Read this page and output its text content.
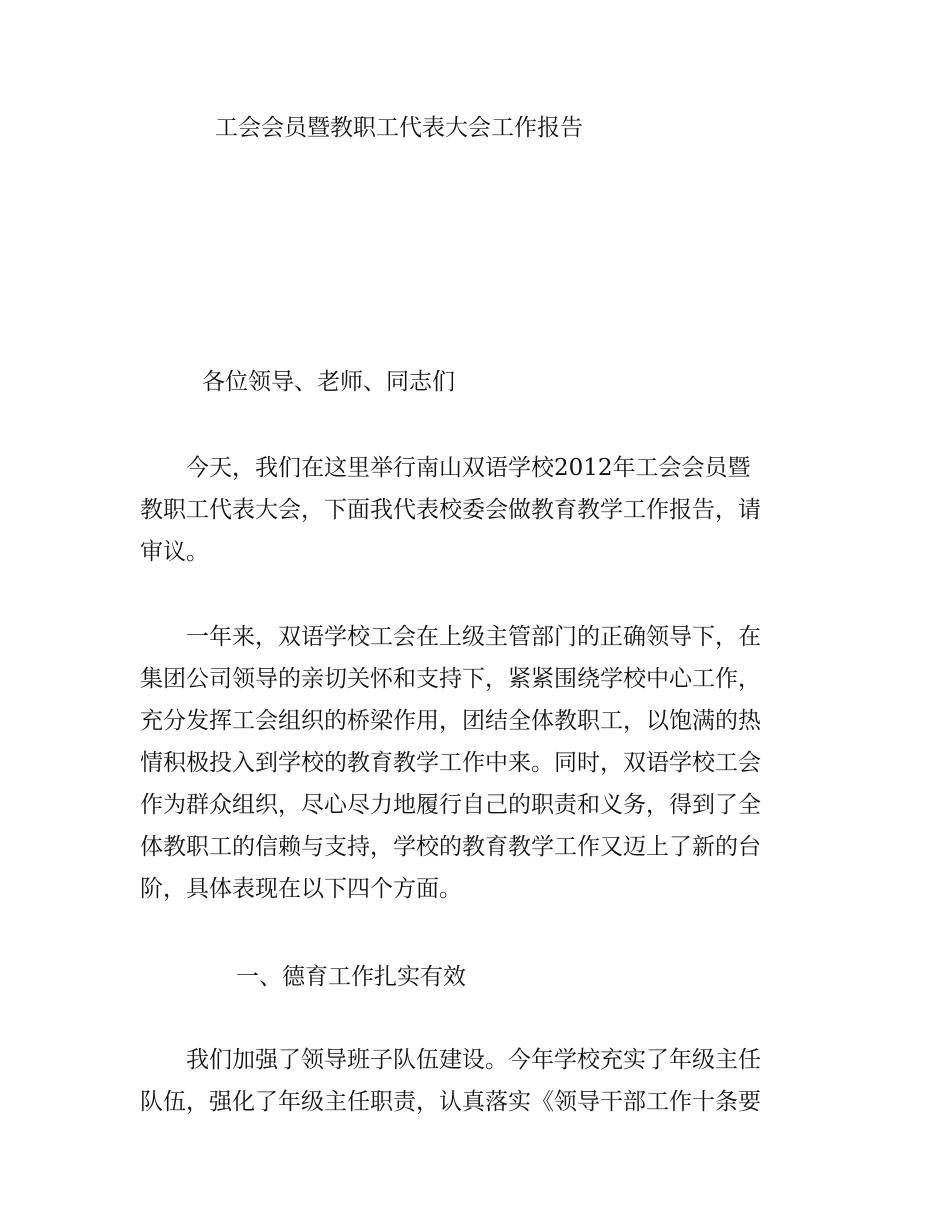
工会会员暨教职工代表大会工作报告

各位领导、老师、同志们

　　今天，我们在这里举行南山双语学校2012年工会会员暨
教职工代表大会，下面我代表校委会做教育教学工作报告，请
审议。

　　一年来，双语学校工会在上级主管部门的正确领导下，在
集团公司领导的亲切关怀和支持下，紧紧围绕学校中心工作，
充分发挥工会组织的桥梁作用，团结全体教职工，以饱满的热
情积极投入到学校的教育教学工作中来。同时，双语学校工会
作为群众组织，尽心尽力地履行自己的职责和义务，得到了全
体教职工的信赖与支持，学校的教育教学工作又迈上了新的台
阶，具体表现在以下四个方面。

　　一、德育工作扎实有效

　　我们加强了领导班子队伍建设。今年学校充实了年级主任
队伍，强化了年级主任职责，认真落实《领导干部工作十条要
